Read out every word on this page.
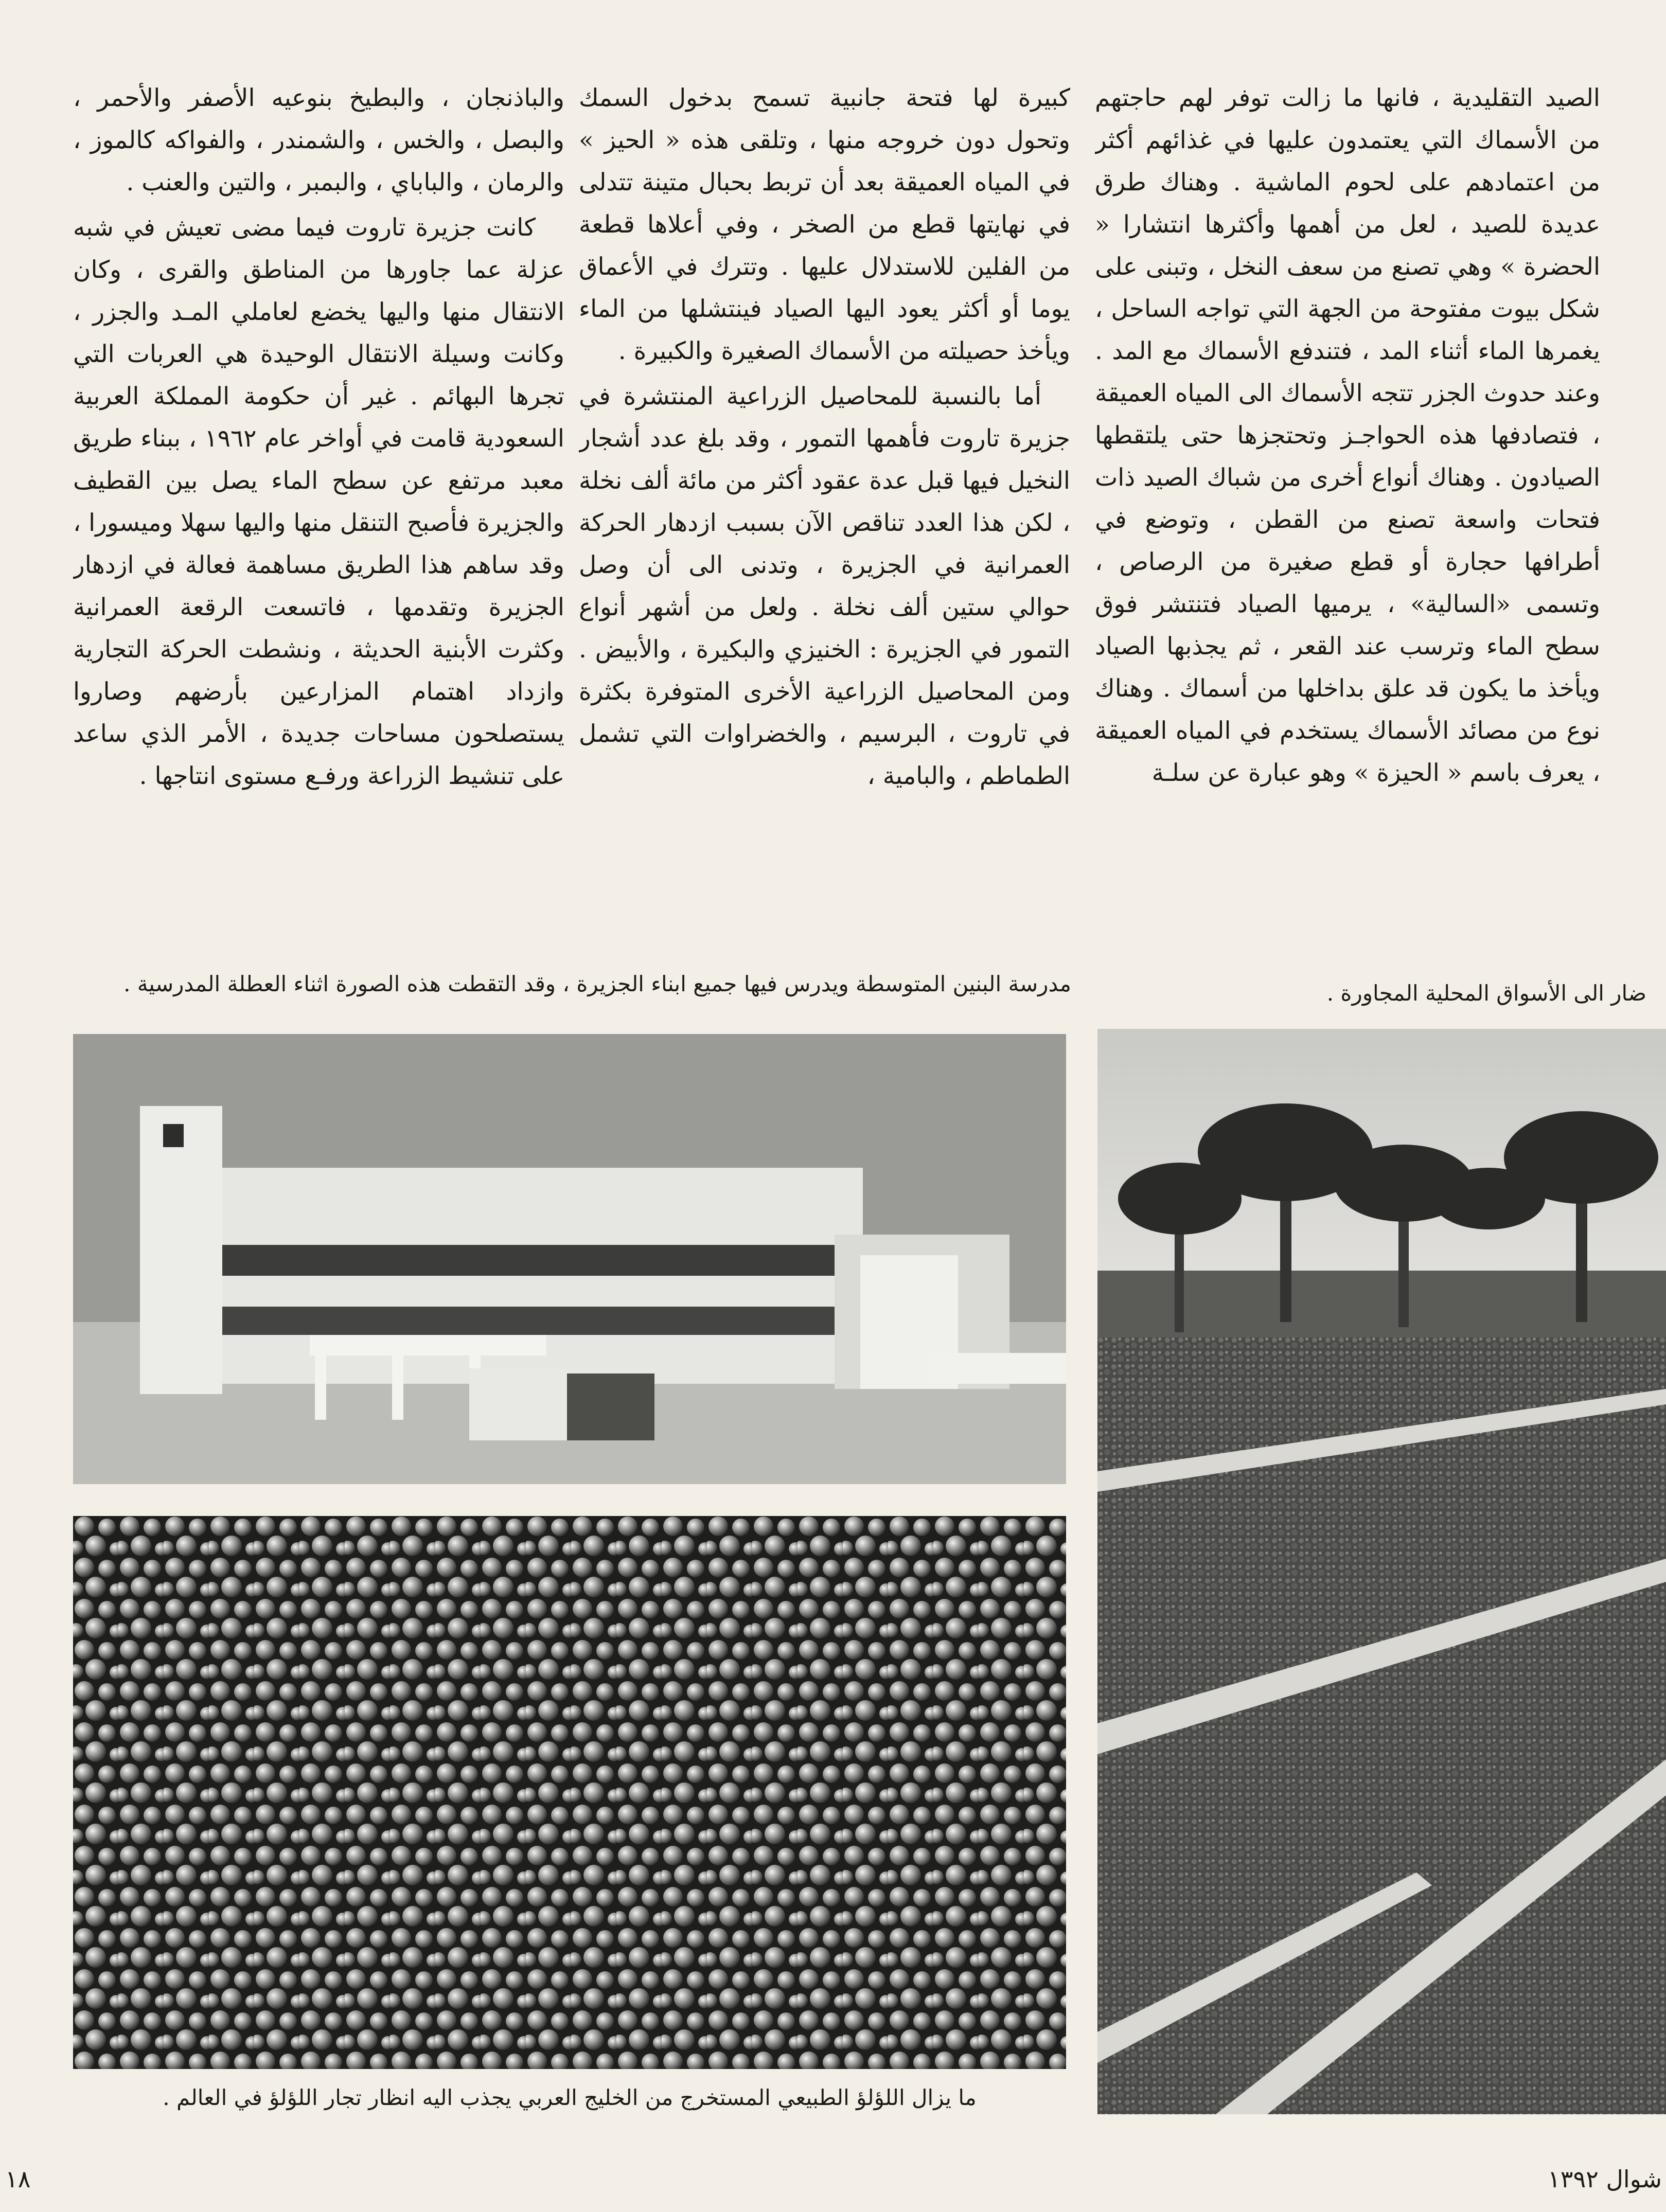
الصيد التقليدية ، فانها ما زالت توفر لهم حاجتهم من الأسماك التي يعتمدون عليها في غذائهم أكثر من اعتمادهم على لحوم الماشية . وهناك طرق عديدة للصيد ، لعل من أهمها وأكثرها انتشارا « الحضرة » وهي تصنع من سعف النخل ، وتبنى على شكل بيوت مفتوحة من الجهة التي تواجه الساحل ، يغمرها الماء أثناء المد ، فتندفع الأسماك مع المد . وعند حدوث الجزر تتجه الأسماك الى المياه العميقة ، فتصادفها هذه الحواجـز وتحتجزها حتى يلتقطها الصيادون . وهناك أنواع أخرى من شباك الصيد ذات فتحات واسعة تصنع من القطن ، وتوضع في أطرافها حجارة أو قطع صغيرة من الرصاص ، وتسمى «السالية» ، يرميها الصياد فتنتشر فوق سطح الماء وترسب عند القعر ، ثم يجذبها الصياد ويأخذ ما يكون قد علق بداخلها من أسماك . وهناك نوع من مصائد الأسماك يستخدم في المياه العميقة ، يعرف باسم « الحيزة » وهو عبارة عن سلـة

كبيرة لها فتحة جانبية تسمح بدخول السمك وتحول دون خروجه منها ، وتلقى هذه « الحيز » في المياه العميقة بعد أن تربط بحبال متينة تتدلى في نهايتها قطع من الصخر ، وفي أعلاها قطعة من الفلين للاستدلال عليها . وتترك في الأعماق يوما أو أكثر يعود اليها الصياد فينتشلها من الماء ويأخذ حصيلته من الأسماك الصغيرة والكبيرة .

أما بالنسبة للمحاصيل الزراعية المنتشرة في جزيرة تاروت فأهمها التمور ، وقد بلغ عدد أشجار النخيل فيها قبل عدة عقود أكثر من مائة ألف نخلة ، لكن هذا العدد تناقص الآن بسبب ازدهار الحركة العمرانية في الجزيرة ، وتدنى الى أن وصل حوالي ستين ألف نخلة . ولعل من أشهر أنواع التمور في الجزيرة : الخنيزي والبكيرة ، والأبيض . ومن المحاصيل الزراعية الأخرى المتوفرة بكثرة في تاروت ، البرسيم ، والخضراوات التي تشمل الطماطم ، والبامية ،

والباذنجان ، والبطيخ بنوعيه الأصفر والأحمر ، والبصل ، والخس ، والشمندر ، والفواكه كالموز ، والرمان ، والباباي ، والبمبر ، والتين والعنب .

كانت جزيرة تاروت فيما مضى تعيش في شبه عزلة عما جاورها من المناطق والقرى ، وكان الانتقال منها واليها يخضع لعاملي المـد والجزر ، وكانت وسيلة الانتقال الوحيدة هي العربات التي تجرها البهائم . غير أن حكومة المملكة العربية السعودية قامت في أواخر عام ١٩٦٢ ، ببناء طريق معبد مرتفع عن سطح الماء يصل بين القطيف والجزيرة فأصبح التنقل منها واليها سهلا وميسورا ، وقد ساهم هذا الطريق مساهمة فعالة في ازدهار الجزيرة وتقدمها ، فاتسعت الرقعة العمرانية وكثرت الأبنية الحديثة ، ونشطت الحركة التجارية وازداد اهتمام المزارعين بأرضهم وصاروا يستصلحون مساحات جديدة ، الأمر الذي ساعد على تنشيط الزراعة ورفـع مستوى انتاجها .

ضار الى الأسواق المحلية المجاورة .
مدرسة البنين المتوسطة ويدرس فيها جميع ابناء الجزيرة ، وقد التقطت هذه الصورة اثناء العطلة المدرسية .
ما يزال اللؤلؤ الطبيعي المستخرج من الخليج العربي يجذب اليه انظار تجار اللؤلؤ في العالم .
١٨	شوال ١٣٩٢
